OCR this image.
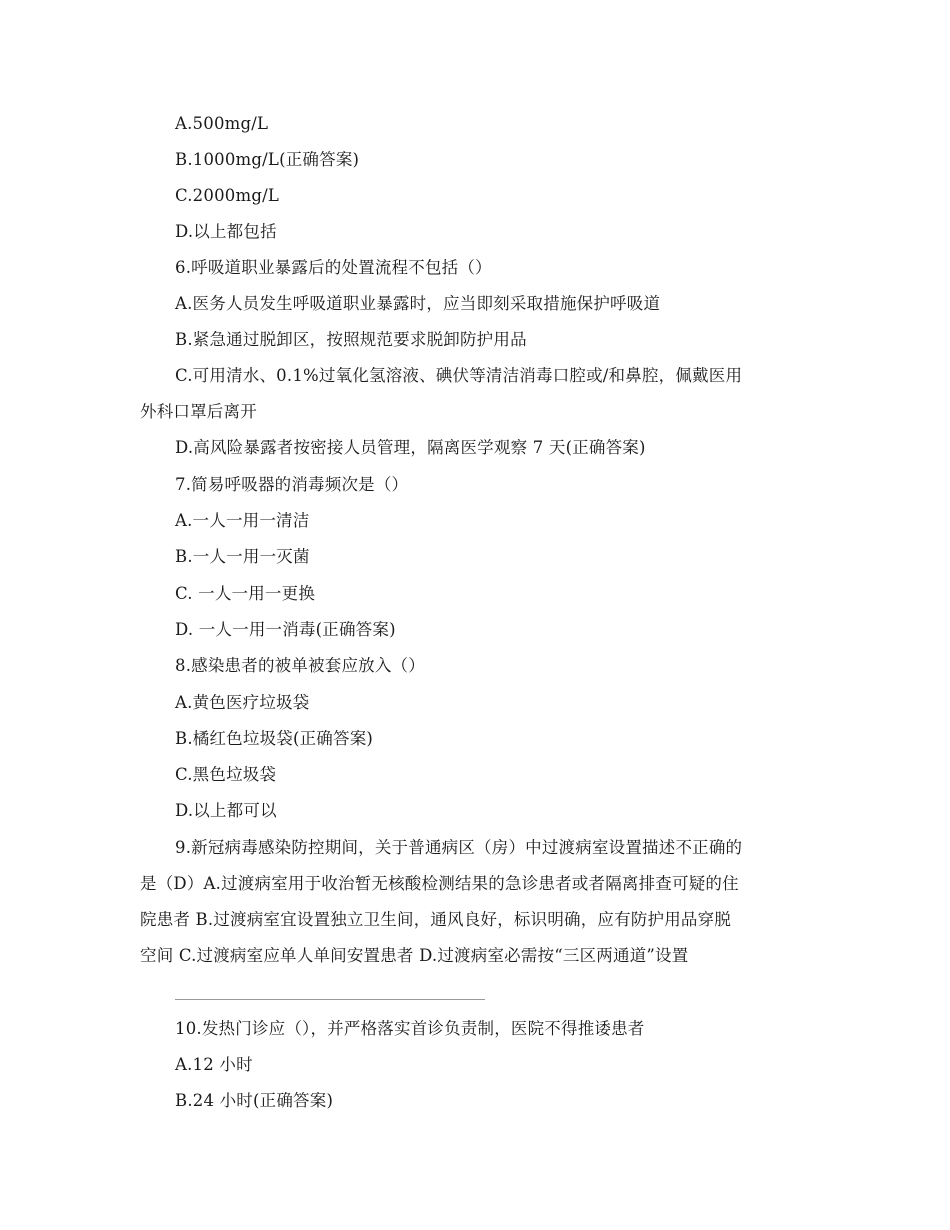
A.500mg/L
B.1000mg/L(正确答案)
C.2000mg/L
D.以上都包括
6.呼吸道职业暴露后的处置流程不包括（）
A.医务人员发生呼吸道职业暴露时，应当即刻采取措施保护呼吸道
B.紧急通过脱卸区，按照规范要求脱卸防护用品
C.可用清水、0.1%过氧化氢溶液、碘伏等清洁消毒口腔或/和鼻腔，佩戴医用
外科口罩后离开
D.高风险暴露者按密接人员管理，隔离医学观察 7 天(正确答案)
7.简易呼吸器的消毒频次是（）
A.一人一用一清洁
B.一人一用一灭菌
C. 一人一用一更换
D. 一人一用一消毒(正确答案)
8.感染患者的被单被套应放入（）
A.黄色医疗垃圾袋
B.橘红色垃圾袋(正确答案)
C.黑色垃圾袋
D.以上都可以
9.新冠病毒感染防控期间，关于普通病区（房）中过渡病室设置描述不正确的
是（D）A.过渡病室用于收治暂无核酸检测结果的急诊患者或者隔离排查可疑的住
院患者 B.过渡病室宜设置独立卫生间，通风良好，标识明确，应有防护用品穿脱
空间 C.过渡病室应单人单间安置患者 D.过渡病室必需按“三区两通道”设置
10.发热门诊应（），并严格落实首诊负责制，医院不得推诿患者
A.12 小时
B.24 小时(正确答案)
